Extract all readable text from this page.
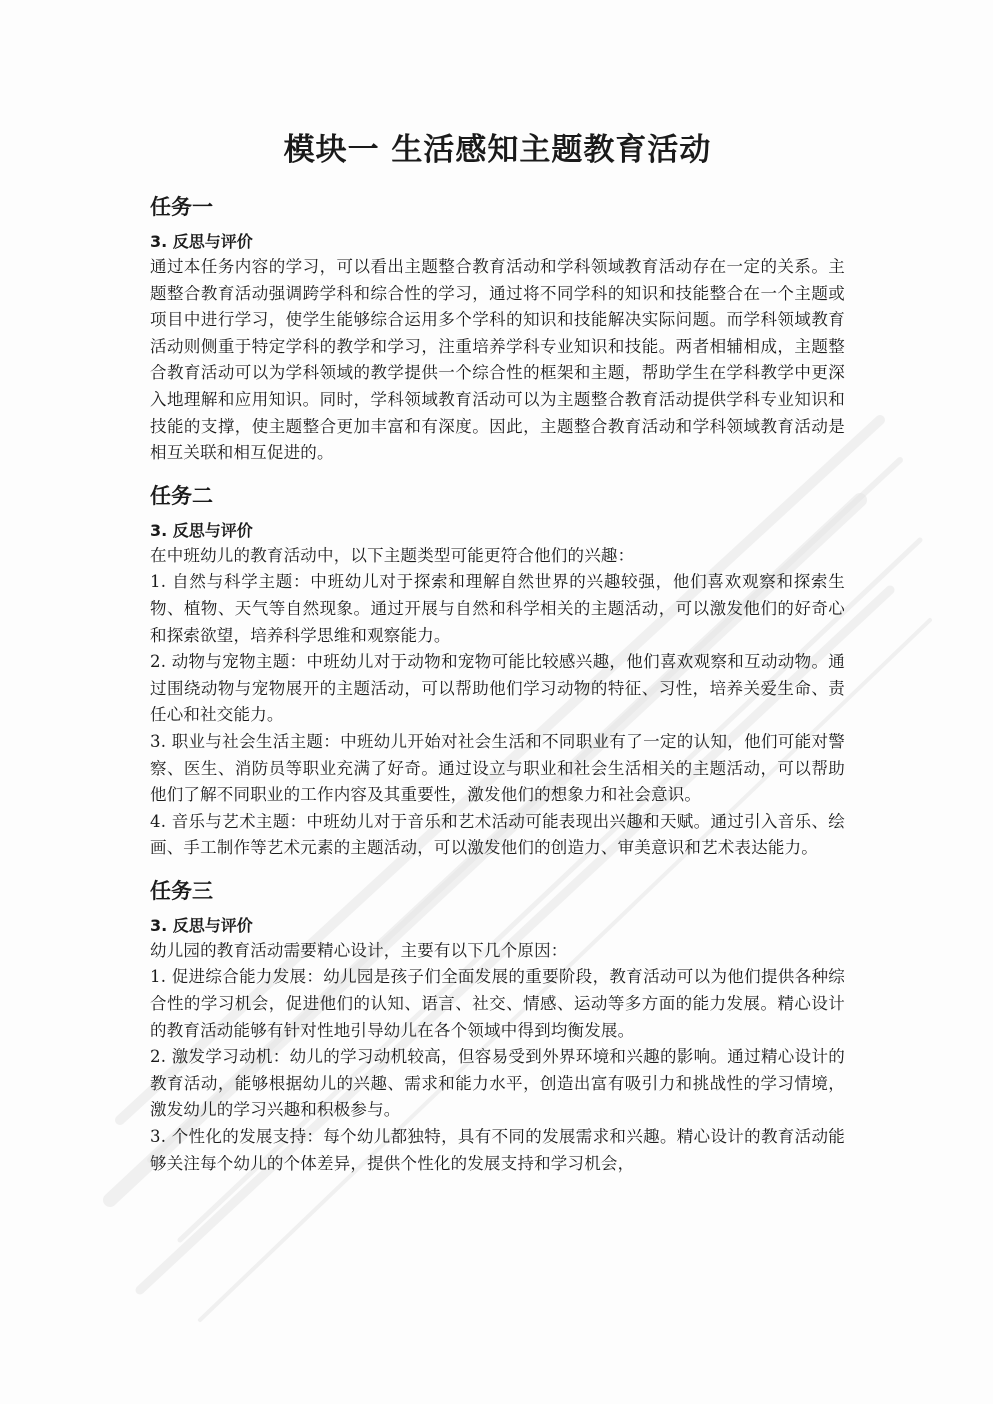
模块一 生活感知主题教育活动
任务一
3. 反思与评价

通过本任务内容的学习，可以看出主题整合教育活动和学科领域教育活动存在一定的关系。主题整合教育活动强调跨学科和综合性的学习，通过将不同学科的知识和技能整合在一个主题或项目中进行学习，使学生能够综合运用多个学科的知识和技能解决实际问题。而学科领域教育活动则侧重于特定学科的教学和学习，注重培养学科专业知识和技能。两者相辅相成，主题整合教育活动可以为学科领域的教学提供一个综合性的框架和主题，帮助学生在学科教学中更深入地理解和应用知识。同时，学科领域教育活动可以为主题整合教育活动提供学科专业知识和技能的支撑，使主题整合更加丰富和有深度。因此，主题整合教育活动和学科领域教育活动是相互关联和相互促进的。

任务二
3. 反思与评价

在中班幼儿的教育活动中，以下主题类型可能更符合他们的兴趣：

1. 自然与科学主题：中班幼儿对于探索和理解自然世界的兴趣较强，他们喜欢观察和探索生物、植物、天气等自然现象。通过开展与自然和科学相关的主题活动，可以激发他们的好奇心和探索欲望，培养科学思维和观察能力。

2. 动物与宠物主题：中班幼儿对于动物和宠物可能比较感兴趣，他们喜欢观察和互动动物。通过围绕动物与宠物展开的主题活动，可以帮助他们学习动物的特征、习性，培养关爱生命、责任心和社交能力。

3. 职业与社会生活主题：中班幼儿开始对社会生活和不同职业有了一定的认知，他们可能对警察、医生、消防员等职业充满了好奇。通过设立与职业和社会生活相关的主题活动，可以帮助他们了解不同职业的工作内容及其重要性，激发他们的想象力和社会意识。

4. 音乐与艺术主题：中班幼儿对于音乐和艺术活动可能表现出兴趣和天赋。通过引入音乐、绘画、手工制作等艺术元素的主题活动，可以激发他们的创造力、审美意识和艺术表达能力。

任务三
3. 反思与评价

幼儿园的教育活动需要精心设计，主要有以下几个原因：

1. 促进综合能力发展：幼儿园是孩子们全面发展的重要阶段，教育活动可以为他们提供各种综合性的学习机会，促进他们的认知、语言、社交、情感、运动等多方面的能力发展。精心设计的教育活动能够有针对性地引导幼儿在各个领域中得到均衡发展。

2. 激发学习动机：幼儿的学习动机较高，但容易受到外界环境和兴趣的影响。通过精心设计的教育活动，能够根据幼儿的兴趣、需求和能力水平，创造出富有吸引力和挑战性的学习情境，激发幼儿的学习兴趣和积极参与。

3. 个性化的发展支持：每个幼儿都独特，具有不同的发展需求和兴趣。精心设计的教育活动能够关注每个幼儿的个体差异，提供个性化的发展支持和学习机会，
